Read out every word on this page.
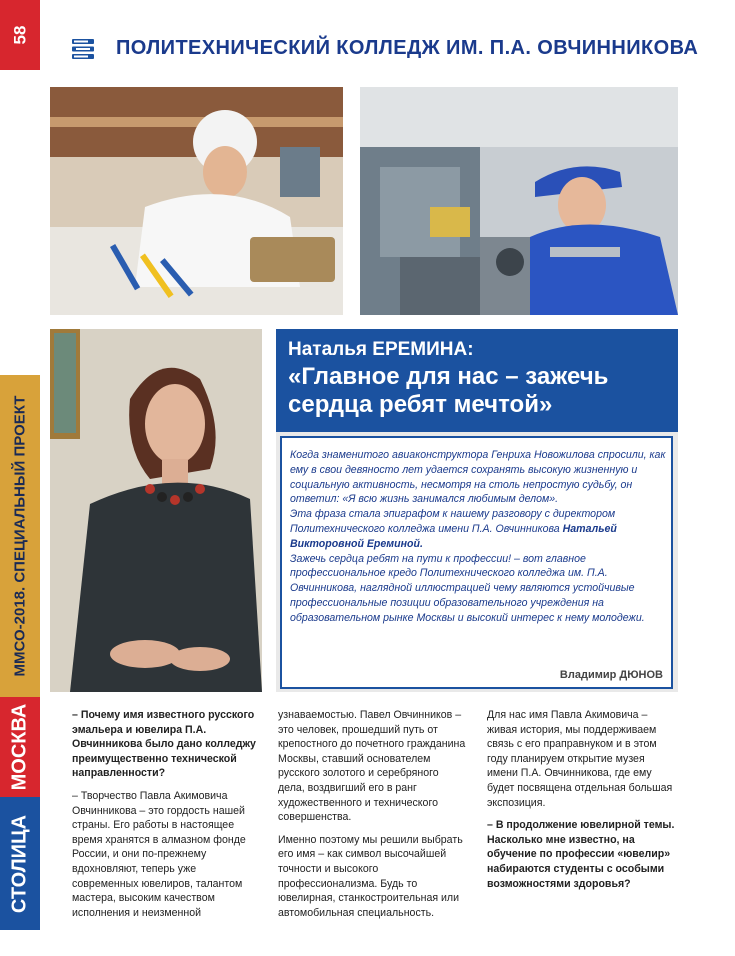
58
ПОЛИТЕХНИЧЕСКИЙ КОЛЛЕДЖ ИМ. П.А. ОВЧИННИКОВА
ММСО-2018. СПЕЦИАЛЬНЫЙ ПРОЕКТ
МОСКВА
СТОЛИЦА
Наталья ЕРЕМИНА:
«Главное для нас – зажечь сердца ребят мечтой»
Когда знаменитого авиаконструктора Генриха Новожилова спросили, как ему в свои девяносто лет удается сохранять высокую жизненную и социальную активность, несмотря на столь непростую судьбу, он ответил: «Я всю жизнь занимался любимым делом».
Эта фраза стала эпиграфом к нашему разговору с директором Политехнического колледжа имени П.А. Овчинникова Натальей Викторовной Ереминой.
Зажечь сердца ребят на пути к профессии! – вот главное профессиональное кредо Политехнического колледжа им. П.А. Овчинникова, наглядной иллюстрацией чему являются устойчивые профессиональные позиции образовательного учреждения на образовательном рынке Москвы и высокий интерес к нему молодежи.
Владимир ДЮНОВ

– Почему имя известного русского эмальера и ювелира П.А. Овчинникова было дано колледжу преимущественно технической направленности?

– Творчество Павла Акимовича Овчинникова – это гордость нашей страны. Его работы в настоящее время хранятся в алмазном фонде России, и они по-прежнему вдохновляют, теперь уже современных ювелиров, талантом мастера, высоким качеством исполнения и неизменной

узнаваемостью. Павел Овчинников – это человек, прошедший путь от крепостного до почетного гражданина Москвы, ставший основателем русского золотого и серебряного дела, воздвигший его в ранг художественного и технического совершенства.

Именно поэтому мы решили выбрать его имя – как символ высочайшей точности и высокого профессионализма. Будь то ювелирная, станкостроительная или автомобильная специальность.

Для нас имя Павла Акимовича – живая история, мы поддерживаем связь с его праправнуком и в этом году планируем открытие музея имени П.А. Овчинникова, где ему будет посвящена отдельная большая экспозиция.

– В продолжение ювелирной темы. Насколько мне известно, на обучение по профессии «ювелир» набираются студенты с особыми возможностями здоровья?
